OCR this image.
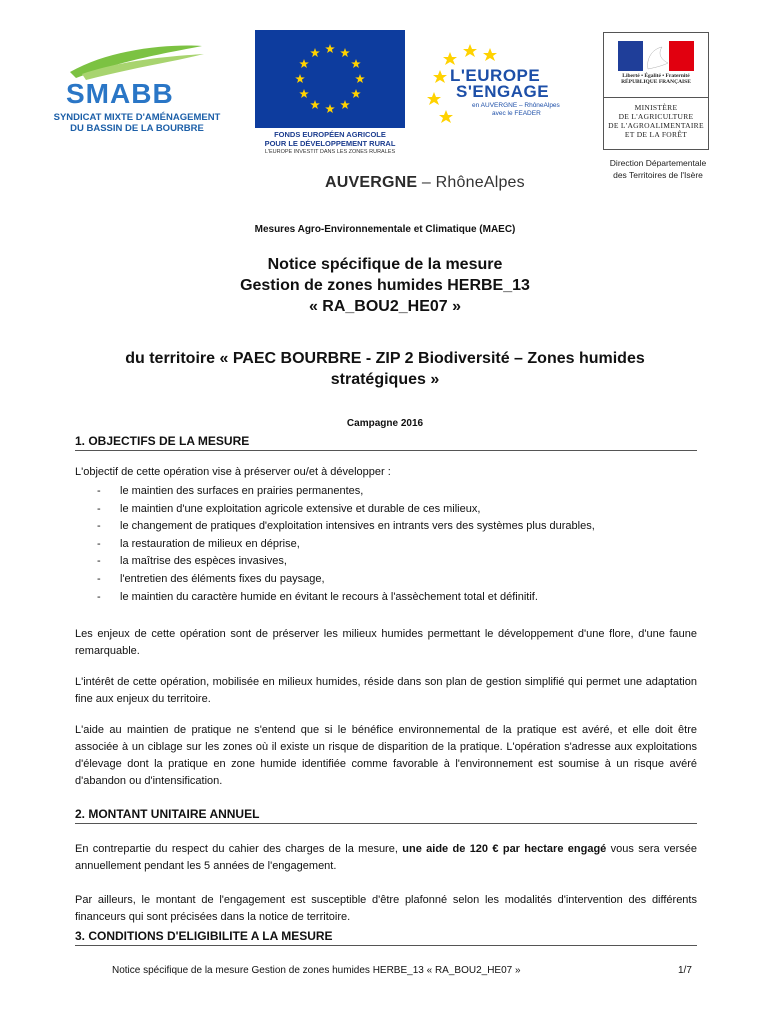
SMABB
SYNDICAT MIXTE D'AMÉNAGEMENT
DU BASSIN DE LA BOURBRE
FONDS EUROPÉEN AGRICOLE
POUR LE DÉVELOPPEMENT RURAL
L'EUROPE INVESTIT DANS LES ZONES RURALES
L'EUROPE
S'ENGAGE
en AUVERGNE – RhôneAlpes
avec le FEADER
AUVERGNE – RhôneAlpes
Liberté • Égalité • Fraternité
RÉPUBLIQUE FRANÇAISE
MINISTÈRE
DE L'AGRICULTURE
DE L'AGROALIMENTAIRE
ET DE LA FORÊT
Direction Départementale
des Territoires de l'Isère
Mesures Agro-Environnementale et Climatique (MAEC)
Notice spécifique de la mesure
Gestion de zones humides HERBE_13
« RA_BOU2_HE07 »
du territoire « PAEC BOURBRE - ZIP 2 Biodiversité – Zones humides
stratégiques »
Campagne 2016
1. OBJECTIFS DE LA MESURE
L'objectif de cette opération vise à préserver ou/et à développer :
- le maintien des surfaces en prairies permanentes,
- le maintien d'une exploitation agricole extensive et durable de ces milieux,
- le changement de pratiques d'exploitation intensives en intrants vers des systèmes plus durables,
- la restauration de milieux en déprise,
- la maîtrise des espèces invasives,
- l'entretien des éléments fixes du paysage,
- le maintien du caractère humide en évitant le recours à l'assèchement total et définitif.
Les enjeux de cette opération sont de préserver les milieux humides permettant le développement d'une flore, d'une faune remarquable.
L'intérêt de cette opération, mobilisée en milieux humides, réside dans son plan de gestion simplifié qui permet une adaptation fine aux enjeux du territoire.
L'aide au maintien de pratique ne s'entend que si le bénéfice environnemental de la pratique est avéré, et elle doit être associée à un ciblage sur les zones où il existe un risque de disparition de la pratique. L'opération s'adresse aux exploitations d'élevage dont la pratique en zone humide identifiée comme favorable à l'environnement est soumise à un risque avéré d'abandon ou d'intensification.
2. MONTANT UNITAIRE ANNUEL
En contrepartie du respect du cahier des charges de la mesure, une aide de 120 € par hectare engagé vous sera versée annuellement pendant les 5 années de l'engagement.
Par ailleurs, le montant de l'engagement est susceptible d'être plafonné selon les modalités d'intervention des différents financeurs qui sont précisées dans la notice de territoire.
3. CONDITIONS D'ELIGIBILITE A LA MESURE
Notice spécifique de la mesure Gestion de zones humides HERBE_13 « RA_BOU2_HE07 »	1/7
